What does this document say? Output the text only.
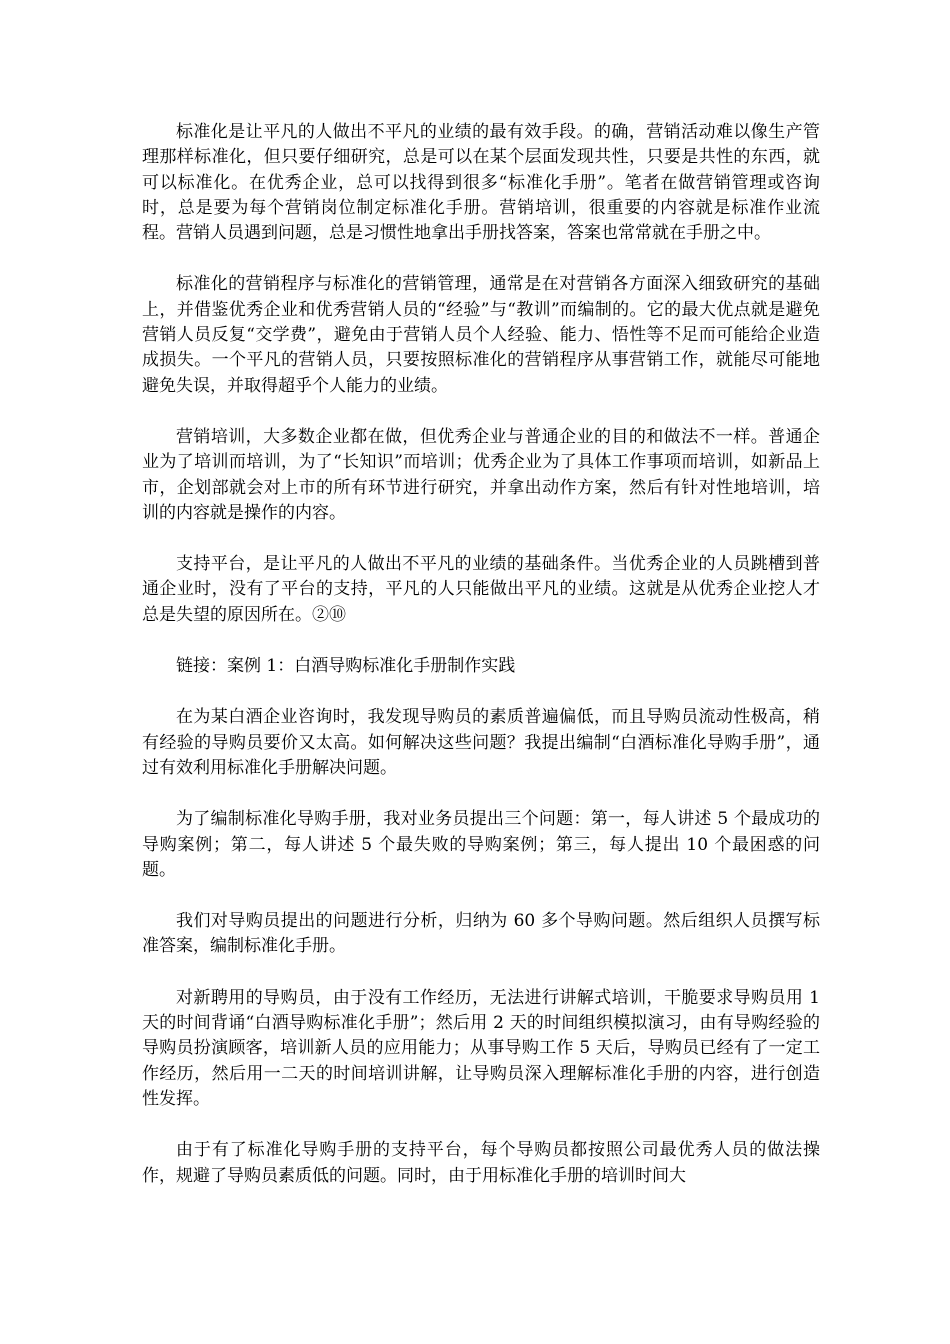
标准化是让平凡的人做出不平凡的业绩的最有效手段。的确，营销活动难以像生产管理那样标准化，但只要仔细研究，总是可以在某个层面发现共性，只要是共性的东西，就可以标准化。在优秀企业，总可以找得到很多“标准化手册”。笔者在做营销管理或咨询时，总是要为每个营销岗位制定标准化手册。营销培训，很重要的内容就是标准作业流程。营销人员遇到问题，总是习惯性地拿出手册找答案，答案也常常就在手册之中。

标准化的营销程序与标准化的营销管理，通常是在对营销各方面深入细致研究的基础上，并借鉴优秀企业和优秀营销人员的“经验”与“教训”而编制的。它的最大优点就是避免营销人员反复“交学费”，避免由于营销人员个人经验、能力、悟性等不足而可能给企业造成损失。一个平凡的营销人员，只要按照标准化的营销程序从事营销工作，就能尽可能地避免失误，并取得超乎个人能力的业绩。

营销培训，大多数企业都在做，但优秀企业与普通企业的目的和做法不一样。普通企业为了培训而培训，为了“长知识”而培训；优秀企业为了具体工作事项而培训，如新品上市，企划部就会对上市的所有环节进行研究，并拿出动作方案，然后有针对性地培训，培训的内容就是操作的内容。

支持平台，是让平凡的人做出不平凡的业绩的基础条件。当优秀企业的人员跳槽到普通企业时，没有了平台的支持，平凡的人只能做出平凡的业绩。这就是从优秀企业挖人才总是失望的原因所在。②⑩

链接：案例 1：白酒导购标准化手册制作实践

在为某白酒企业咨询时，我发现导购员的素质普遍偏低，而且导购员流动性极高，稍有经验的导购员要价又太高。如何解决这些问题？我提出编制“白酒标准化导购手册”，通过有效利用标准化手册解决问题。

为了编制标准化导购手册，我对业务员提出三个问题：第一，每人讲述 5 个最成功的导购案例；第二，每人讲述 5 个最失败的导购案例；第三，每人提出 10 个最困惑的问题。

我们对导购员提出的问题进行分析，归纳为 60 多个导购问题。然后组织人员撰写标准答案，编制标准化手册。

对新聘用的导购员，由于没有工作经历，无法进行讲解式培训，干脆要求导购员用 1 天的时间背诵“白酒导购标准化手册”；然后用 2 天的时间组织模拟演习，由有导购经验的导购员扮演顾客，培训新人员的应用能力；从事导购工作 5 天后，导购员已经有了一定工作经历，然后用一二天的时间培训讲解，让导购员深入理解标准化手册的内容，进行创造性发挥。

由于有了标准化导购手册的支持平台，每个导购员都按照公司最优秀人员的做法操作，规避了导购员素质低的问题。同时，由于用标准化手册的培训时间大
